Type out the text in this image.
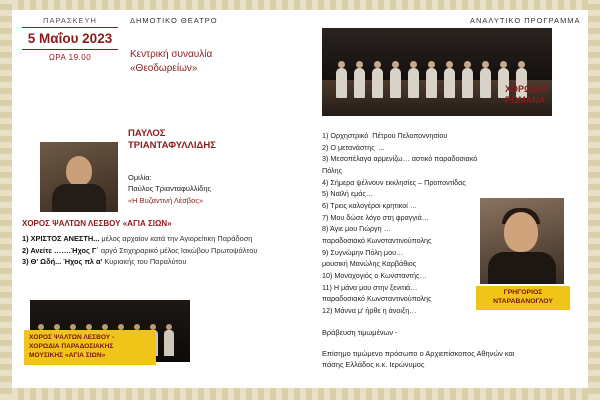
ΠΑΡΑΣΚΕΥΗ
5 Μαΐου 2023
ΩΡΑ 19.00
ΔΗΜΟΤΙΚΟ ΘΕΑΤΡΟ
Κεντρική συναυλία
«Θεοδωρείων»
ΑΝΑΛΥΤΙΚΟ ΠΡΟΓΡΑΜΜΑ
ΧΟΡΩΔΙΑ
ΡΩΜΑΝΑ
1) Ορχηστρικό  Πέτρου Πελοποννησίου
2) Ο μετανάστης  ...
3) Μεσοπέλαγα αρμενίζω… αστικό παραδοσιακό Πόλης
4) Σήμερα ψέλνουν εκκλησίες – Προποντίδας
5) Ναϊλή εμάς…
6) Τρεις καλογέροι κρητικοί …
7) Μου δώσε λόγο στη φραγγιά…
8) Άγιε μου Γιώργη …
παραδοσιακό Κωνσταντινούπολης
9) Συγνώμην Πόλη μου…
μουσική Μανώλης Καρβάθιος
10) Μοναχογιός ο Κωνσταντής…
11) Η μάνα μου στην ξενιτιά…
παραδοσιακό Κωνσταντινούπολης
12) Μάννα μ' ήρθε η άνοιξη…
ΠΑΥΛΟΣ
ΤΡΙΑΝΤΑΦΥΛΛΙΔΗΣ
Ομιλία:
Παύλος Τριανταφυλλίδης
«Η Βυζαντινή Λέσβος»
ΧΟΡΟΣ ΨΑΛΤΩΝ ΛΕΣΒΟΥ «ΑΓΙΑ ΣΙΩΝ»
1) ΧΡΙΣΤΟΣ ΑΝΕΣΤΗ... μέλος αρχαίον κατά την Αγιορείτικη Παράδοση
2) Ανείτε …….Ήχος Γ΄ αργό Στιχηραρικό μέλος Ιακώβου Πρωτοψάλτου
3) Θ' Ωδή... Ήχος πλ α' Κυριακής του Παραλύτου
ΧΟΡΟΣ ΨΑΛΤΩΝ ΛΕΣΒΟΥ -
ΧΟΡΩΔΙΑ ΠΑΡΑΔΟΣΙΑΚΗΣ
ΜΟΥΣΙΚΗΣ «ΑΓΙΑ ΣΙΩΝ»
ΓΡΗΓΟΡΙΟΣ
ΝΤΑΡΑΒΑΝΟΓΛΟΥ
Βράβευση τιμωμένων -
Επίσημο τιμώμενο πρόσωπο ο Αρχιεπίσκοπος Αθηνών και
πάσης Ελλάδος κ.κ. Ιερώνυμος
